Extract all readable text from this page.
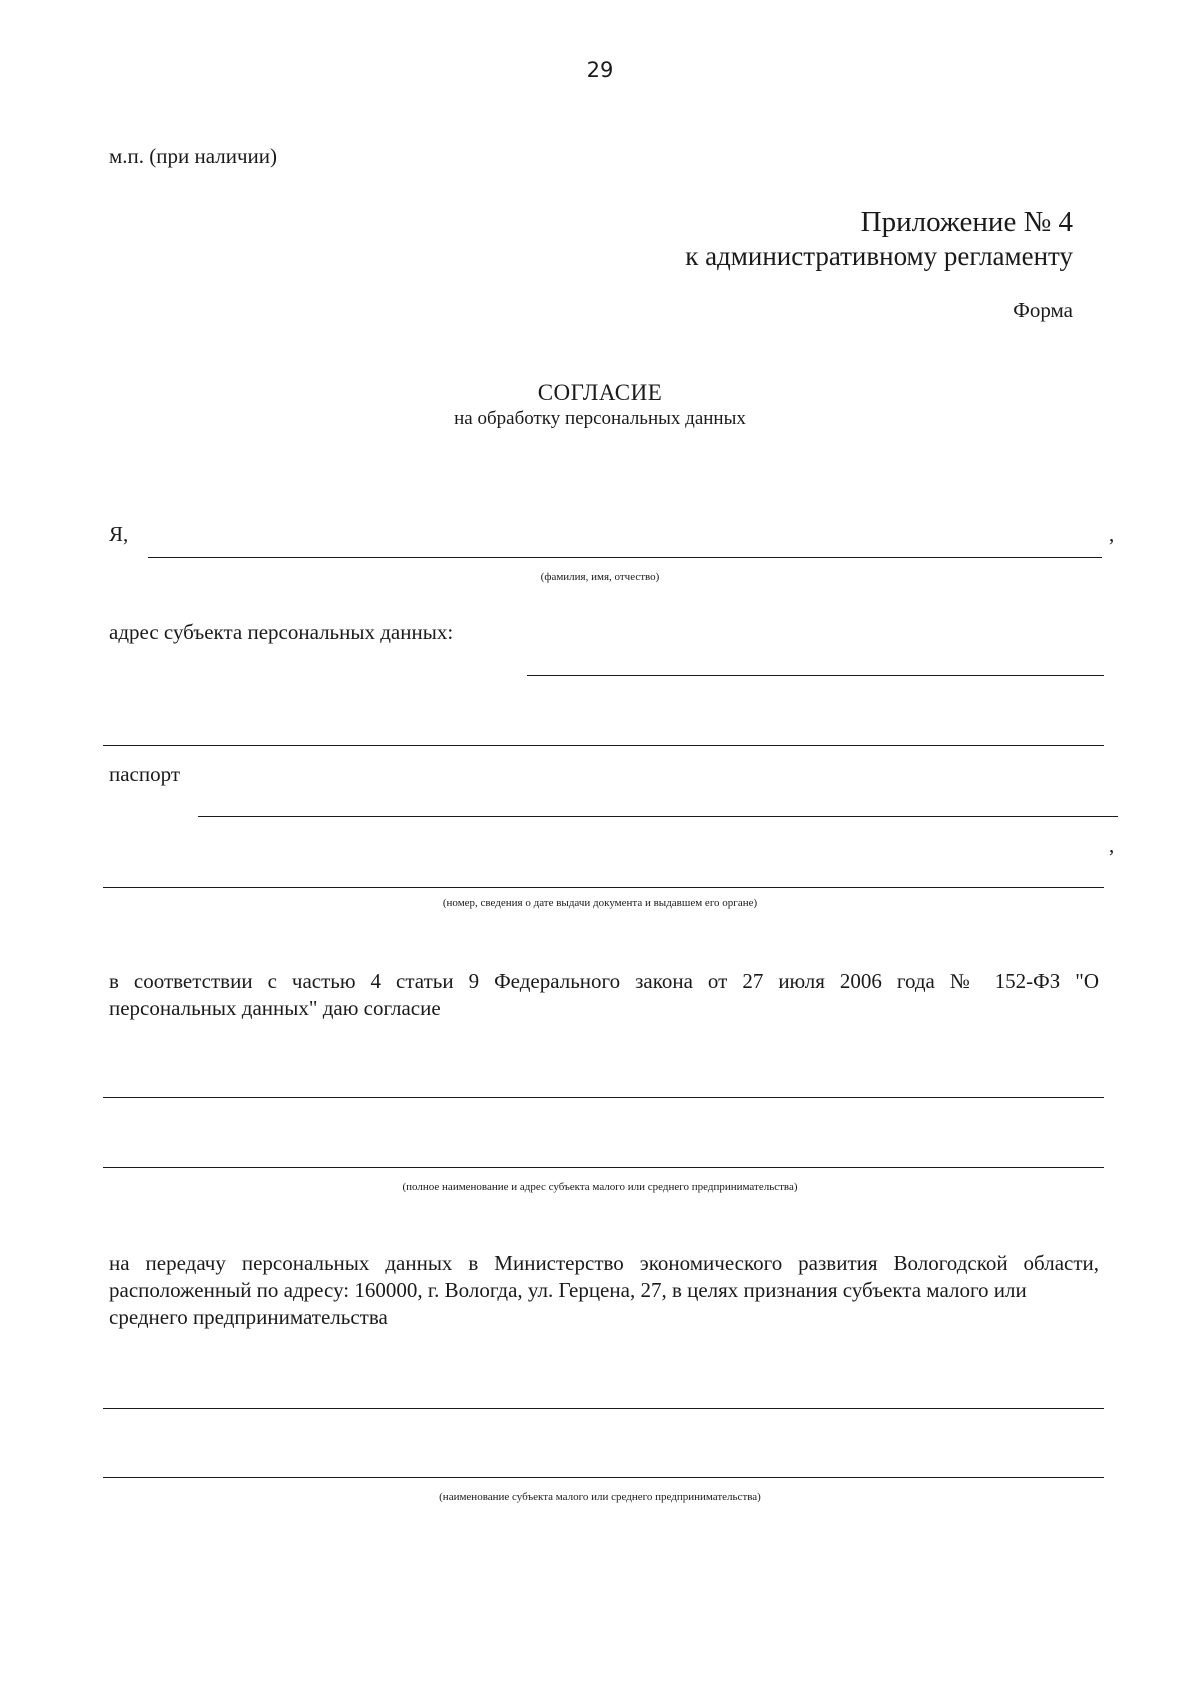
29
м.п. (при наличии)
Приложение № 4
к административному регламенту
Форма
СОГЛАСИЕ
на обработку персональных данных
Я,	,
(фамилия, имя, отчество)
адрес субъекта персональных данных:
паспорт
,
(номер, сведения о дате выдачи документа и выдавшем его органе)
в соответствии с частью 4 статьи 9 Федерального закона от 27 июля 2006 года № 152-ФЗ "О
персональных данных" даю согласие
(полное наименование и адрес субъекта малого или среднего предпринимательства)
на передачу персональных данных в Министерство экономического развития Вологодской области,
расположенный по адресу: 160000, г. Вологда, ул. Герцена, 27, в целях признания субъекта малого или
среднего предпринимательства
(наименование субъекта малого или среднего предпринимательства)
